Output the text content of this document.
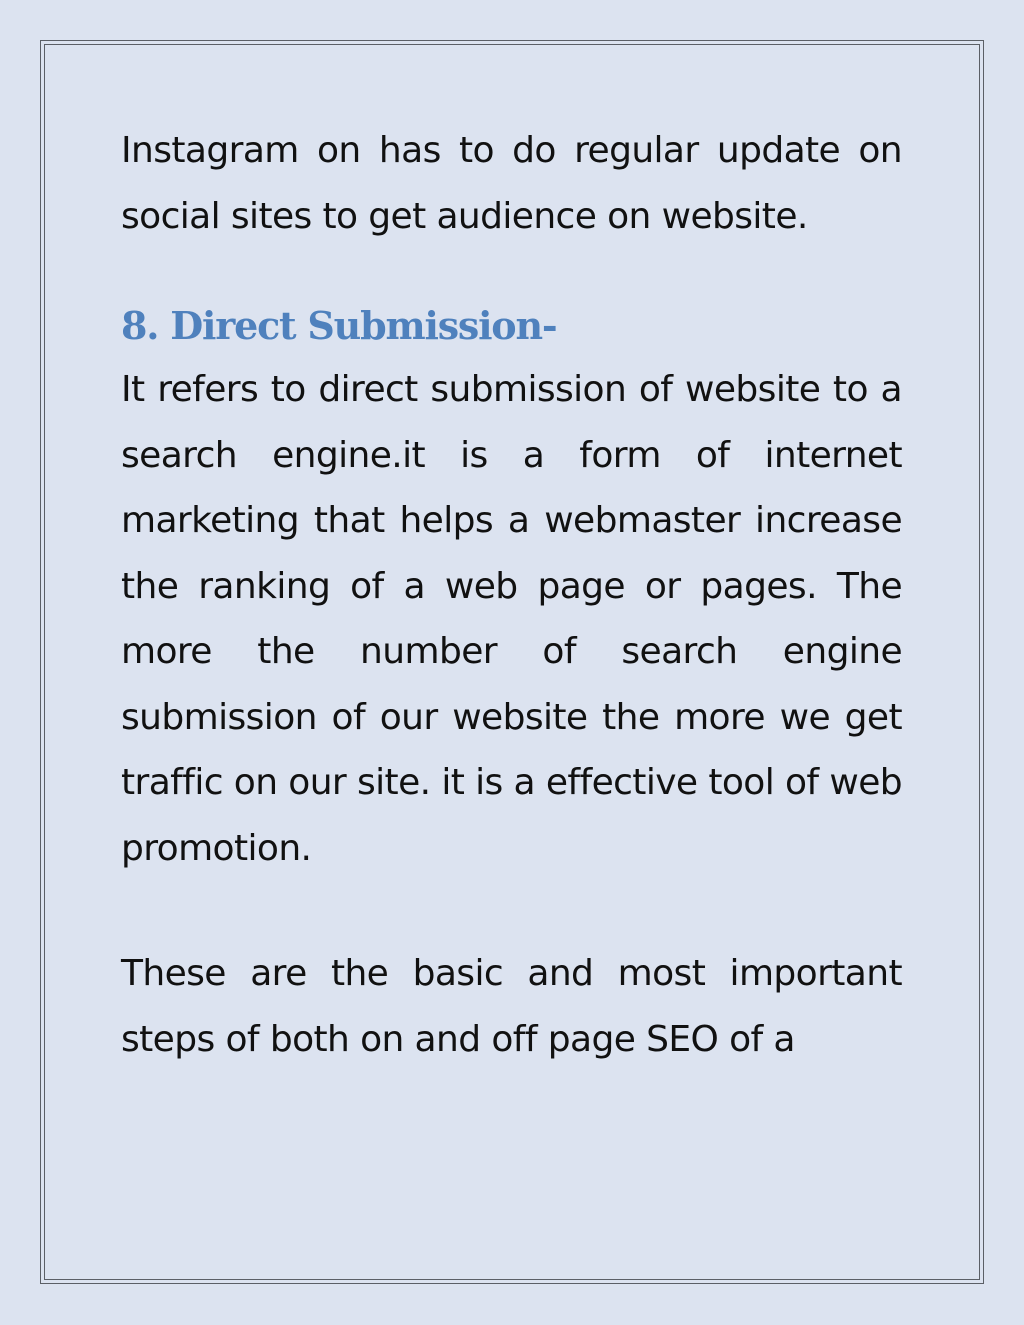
Instagram on has to do regular update on social sites to get audience on website.

8. Direct Submission-

It refers to direct submission of website to a search engine.it is a form of internet marketing that helps a webmaster increase the ranking of a web page or pages. The more the number of search engine submission of our website the more we get traffic on our site. it is a effective tool of web promotion.

These are the basic and most important steps of both on and off page SEO of a
